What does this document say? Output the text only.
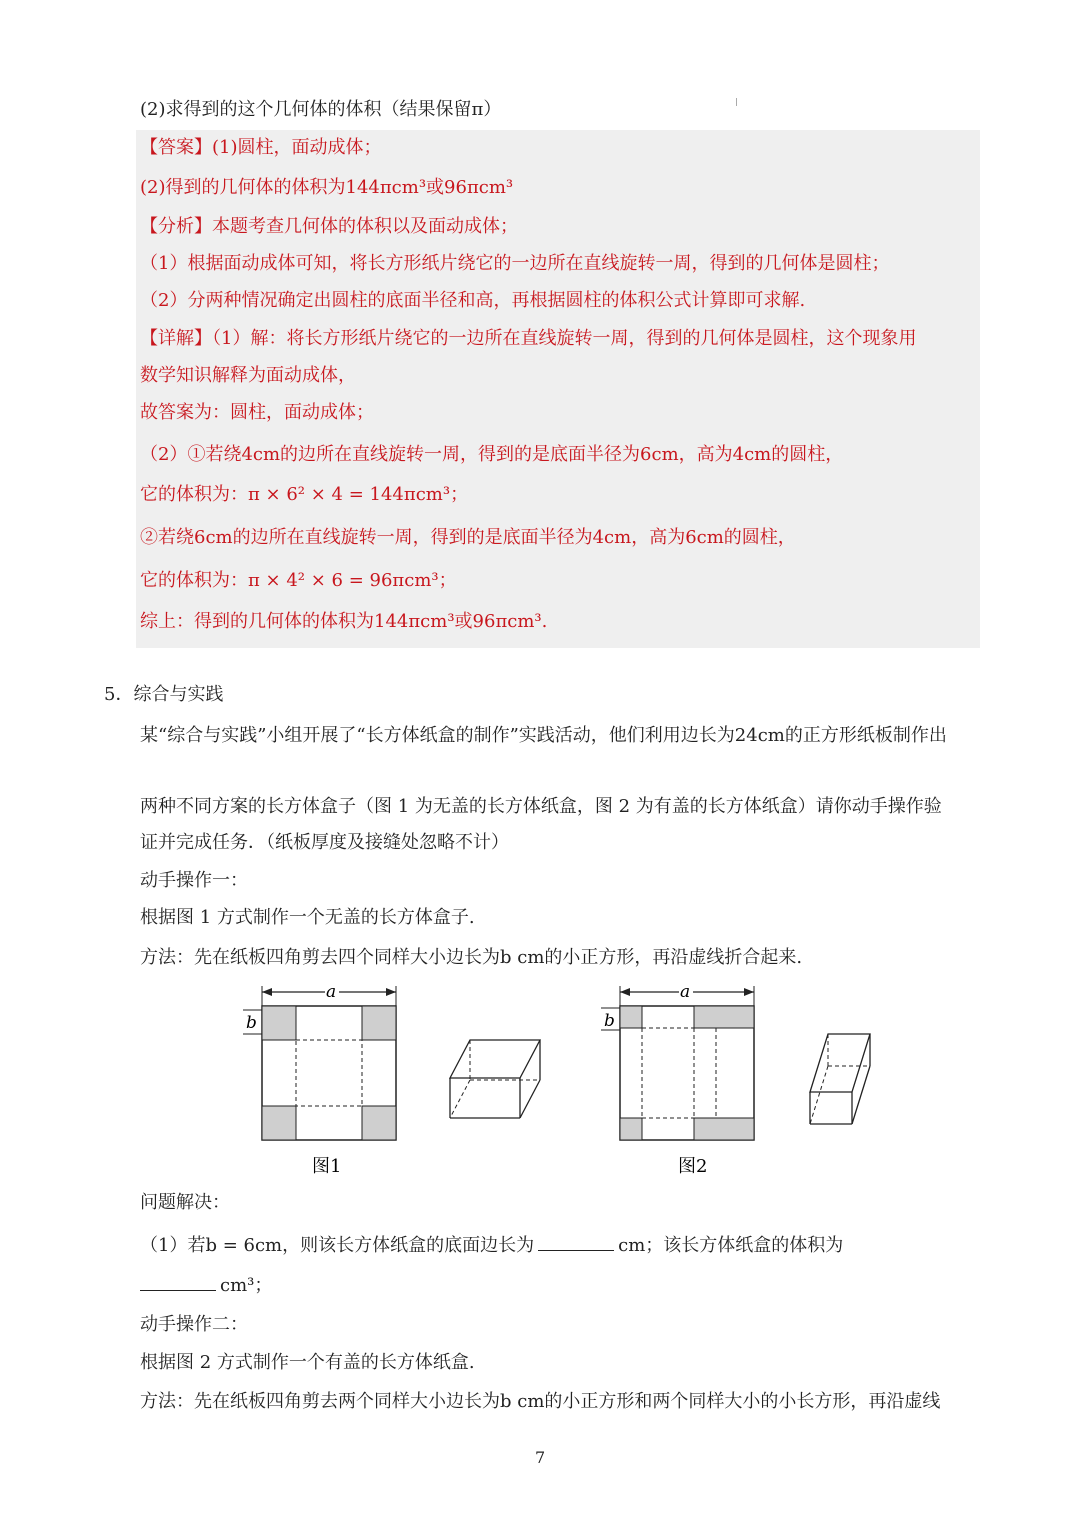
(2)求得到的这个几何体的体积（结果保留π）
【答案】(1)圆柱，面动成体；
(2)得到的几何体的体积为144πcm³或96πcm³
【分析】本题考查几何体的体积以及面动成体；
（1）根据面动成体可知，将长方形纸片绕它的一边所在直线旋转一周，得到的几何体是圆柱；
（2）分两种情况确定出圆柱的底面半径和高，再根据圆柱的体积公式计算即可求解.
【详解】（1）解：将长方形纸片绕它的一边所在直线旋转一周，得到的几何体是圆柱，这个现象用
数学知识解释为面动成体，
故答案为：圆柱，面动成体；
（2）①若绕4cm的边所在直线旋转一周，得到的是底面半径为6cm，高为4cm的圆柱，
它的体积为：π × 6² × 4 = 144πcm³；
②若绕6cm的边所在直线旋转一周，得到的是底面半径为4cm，高为6cm的圆柱，
它的体积为：π × 4² × 6 = 96πcm³；
综上：得到的几何体的体积为144πcm³或96πcm³.
5．综合与实践
某“综合与实践”小组开展了“长方体纸盒的制作”实践活动，他们利用边长为24cm的正方形纸板制作出
两种不同方案的长方体盒子（图 1 为无盖的长方体纸盒，图 2 为有盖的长方体纸盒）请你动手操作验
证并完成任务．（纸板厚度及接缝处忽略不计）
动手操作一：
根据图 1 方式制作一个无盖的长方体盒子.
方法：先在纸板四角剪去四个同样大小边长为b cm的小正方形，再沿虚线折合起来.
a
b
图1
a
b
图2
问题解决：
（1）若b = 6cm，则该长方体纸盒的底面边长为	cm；该长方体纸盒的体积为
cm³；
动手操作二：
根据图 2 方式制作一个有盖的长方体纸盒.
方法：先在纸板四角剪去两个同样大小边长为b cm的小正方形和两个同样大小的小长方形，再沿虚线
7
